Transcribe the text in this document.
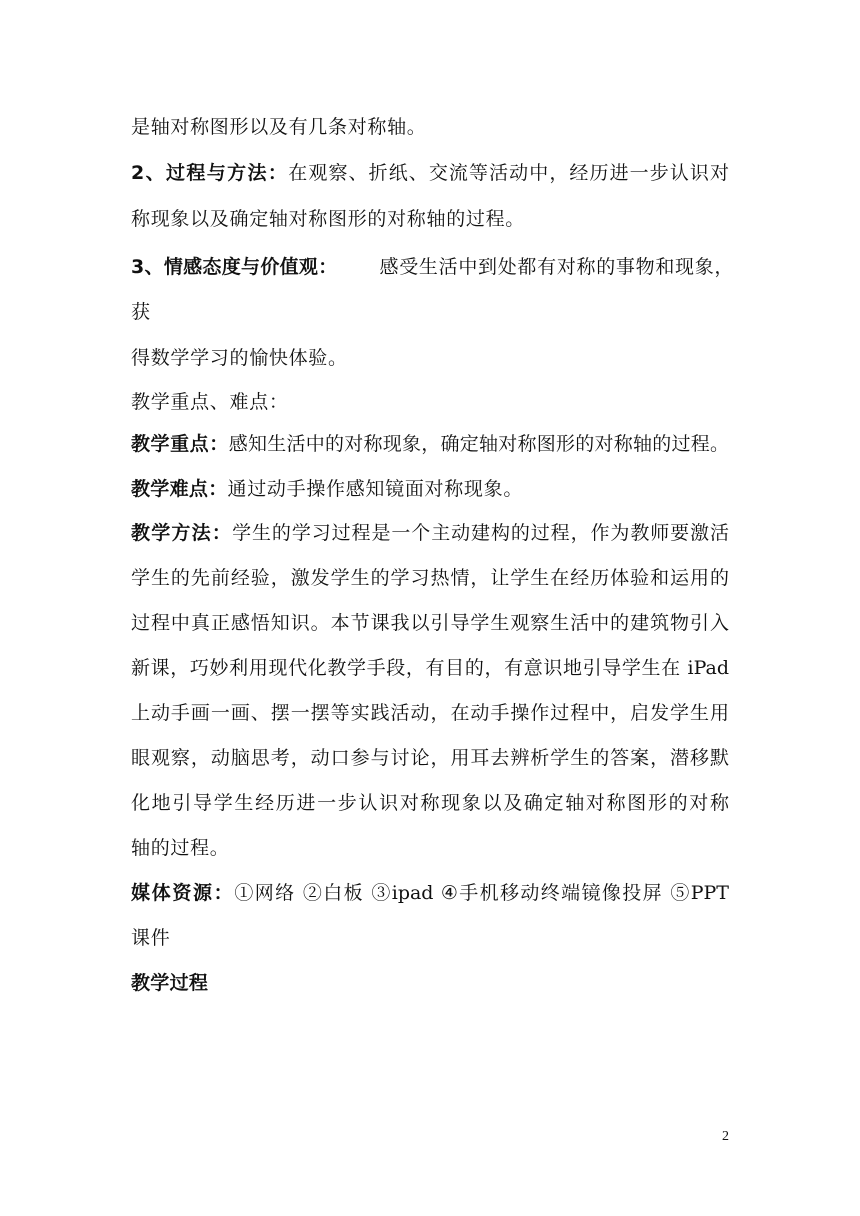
是轴对称图形以及有几条对称轴。

2、过程与方法：在观察、折纸、交流等活动中，经历进一步认识对

称现象以及确定轴对称图形的对称轴的过程。

3、情感态度与价值观： 感受生活中到处都有对称的事物和现象，

获

得数学学习的愉快体验。

教学重点、难点：

教学重点：感知生活中的对称现象，确定轴对称图形的对称轴的过程。

教学难点：通过动手操作感知镜面对称现象。

教学方法：学生的学习过程是一个主动建构的过程，作为教师要激活

学生的先前经验，激发学生的学习热情，让学生在经历体验和运用的

过程中真正感悟知识。本节课我以引导学生观察生活中的建筑物引入

新课，巧妙利用现代化教学手段，有目的，有意识地引导学生在 iPad

上动手画一画、摆一摆等实践活动，在动手操作过程中，启发学生用

眼观察，动脑思考，动口参与讨论，用耳去辨析学生的答案，潜移默

化地引导学生经历进一步认识对称现象以及确定轴对称图形的对称

轴的过程。

媒体资源：①网络 ②白板 ③ipad ④手机移动终端镜像投屏 ⑤PPT

课件

教学过程

2
